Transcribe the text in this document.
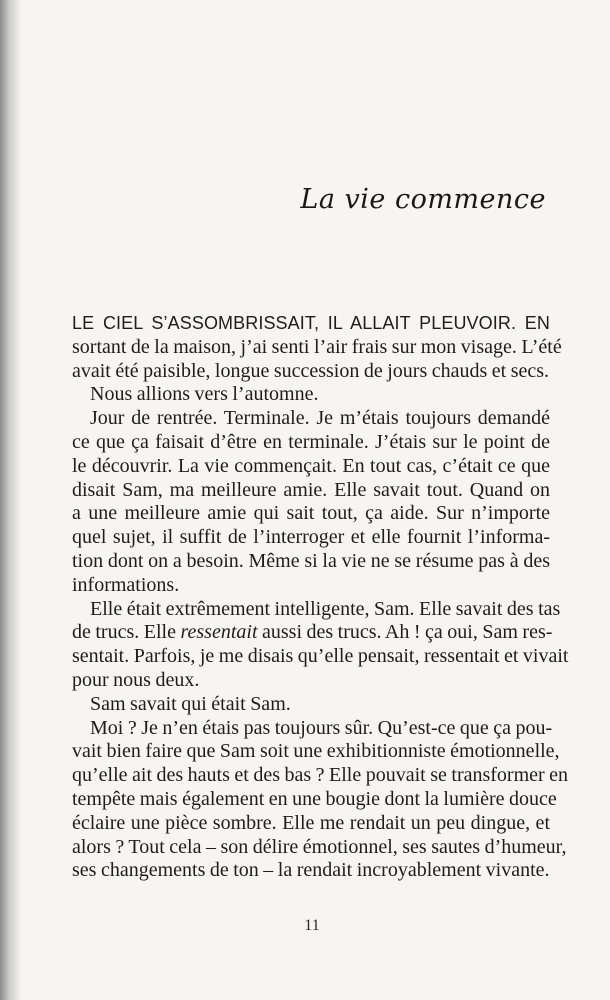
La vie commence
LE CIEL S’ASSOMBRISSAIT, IL ALLAIT PLEUVOIR. EN
sortant de la maison, j’ai senti l’air frais sur mon visage. L’été
avait été paisible, longue succession de jours chauds et secs.
Nous allions vers l’automne.
Jour de rentrée. Terminale. Je m’étais toujours demandé
ce que ça faisait d’être en terminale. J’étais sur le point de
le découvrir. La vie commençait. En tout cas, c’était ce que
disait Sam, ma meilleure amie. Elle savait tout. Quand on
a une meilleure amie qui sait tout, ça aide. Sur n’importe
quel sujet, il suffit de l’interroger et elle fournit l’informa-
tion dont on a besoin. Même si la vie ne se résume pas à des
informations.
Elle était extrêmement intelligente, Sam. Elle savait des tas
de trucs. Elle ressentait aussi des trucs. Ah ! ça oui, Sam res-
sentait. Parfois, je me disais qu’elle pensait, ressentait et vivait
pour nous deux.
Sam savait qui était Sam.
Moi ? Je n’en étais pas toujours sûr. Qu’est-ce que ça pou-
vait bien faire que Sam soit une exhibitionniste émotionnelle,
qu’elle ait des hauts et des bas ? Elle pouvait se transformer en
tempête mais également en une bougie dont la lumière douce
éclaire une pièce sombre. Elle me rendait un peu dingue, et
alors ? Tout cela – son délire émotionnel, ses sautes d’humeur,
ses changements de ton – la rendait incroyablement vivante.
11
